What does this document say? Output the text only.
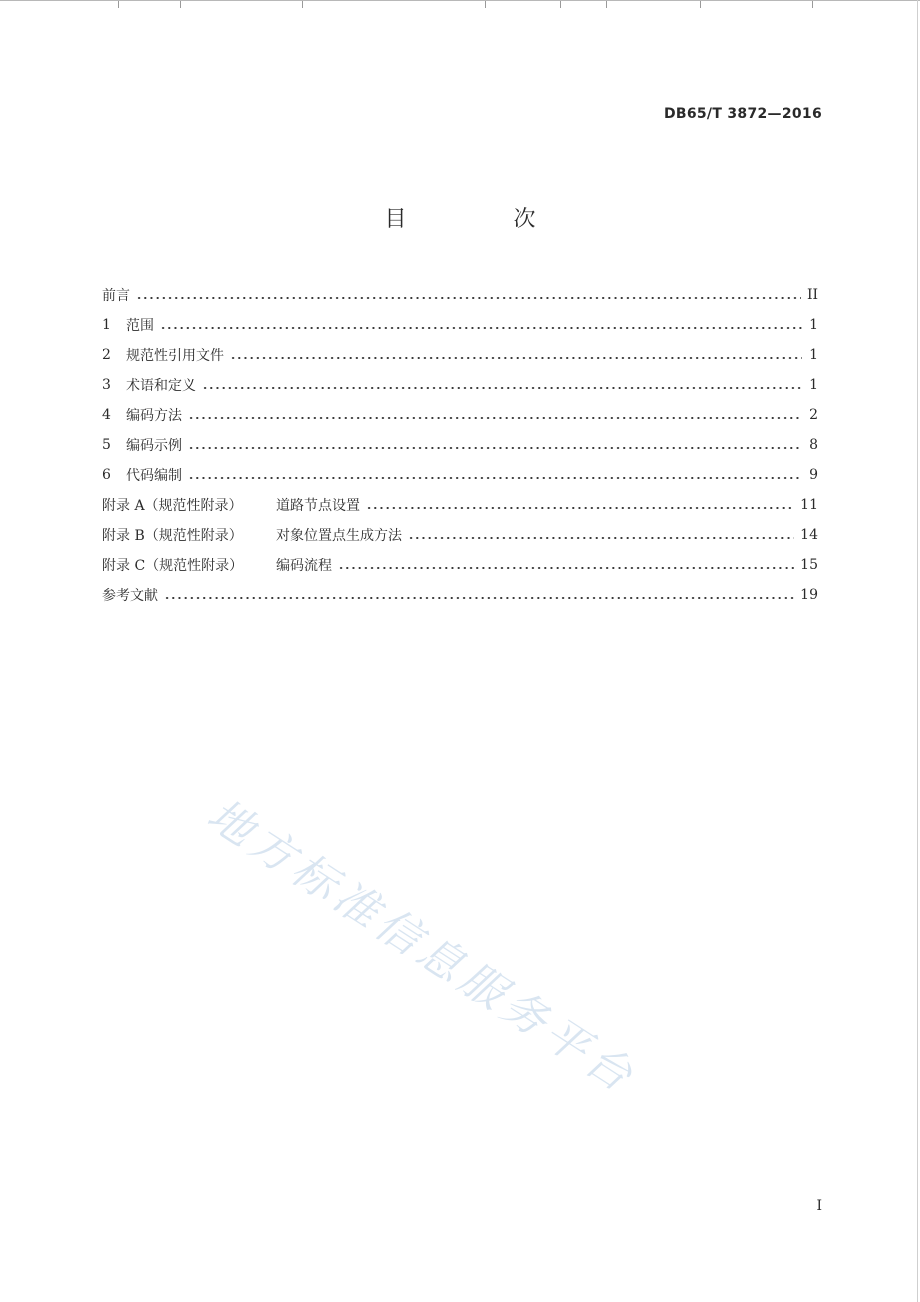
DB65/T 3872—2016
目 次
前言	II
1	范围	1
2	规范性引用文件	1
3	术语和定义	1
4	编码方法	2
5	编码示例	8
6	代码编制	9
附录 A（规范性附录）	道路节点设置	11
附录 B（规范性附录）	对象位置点生成方法	14
附录 C（规范性附录）	编码流程	15
参考文献	19
地方标准信息服务平台
I
